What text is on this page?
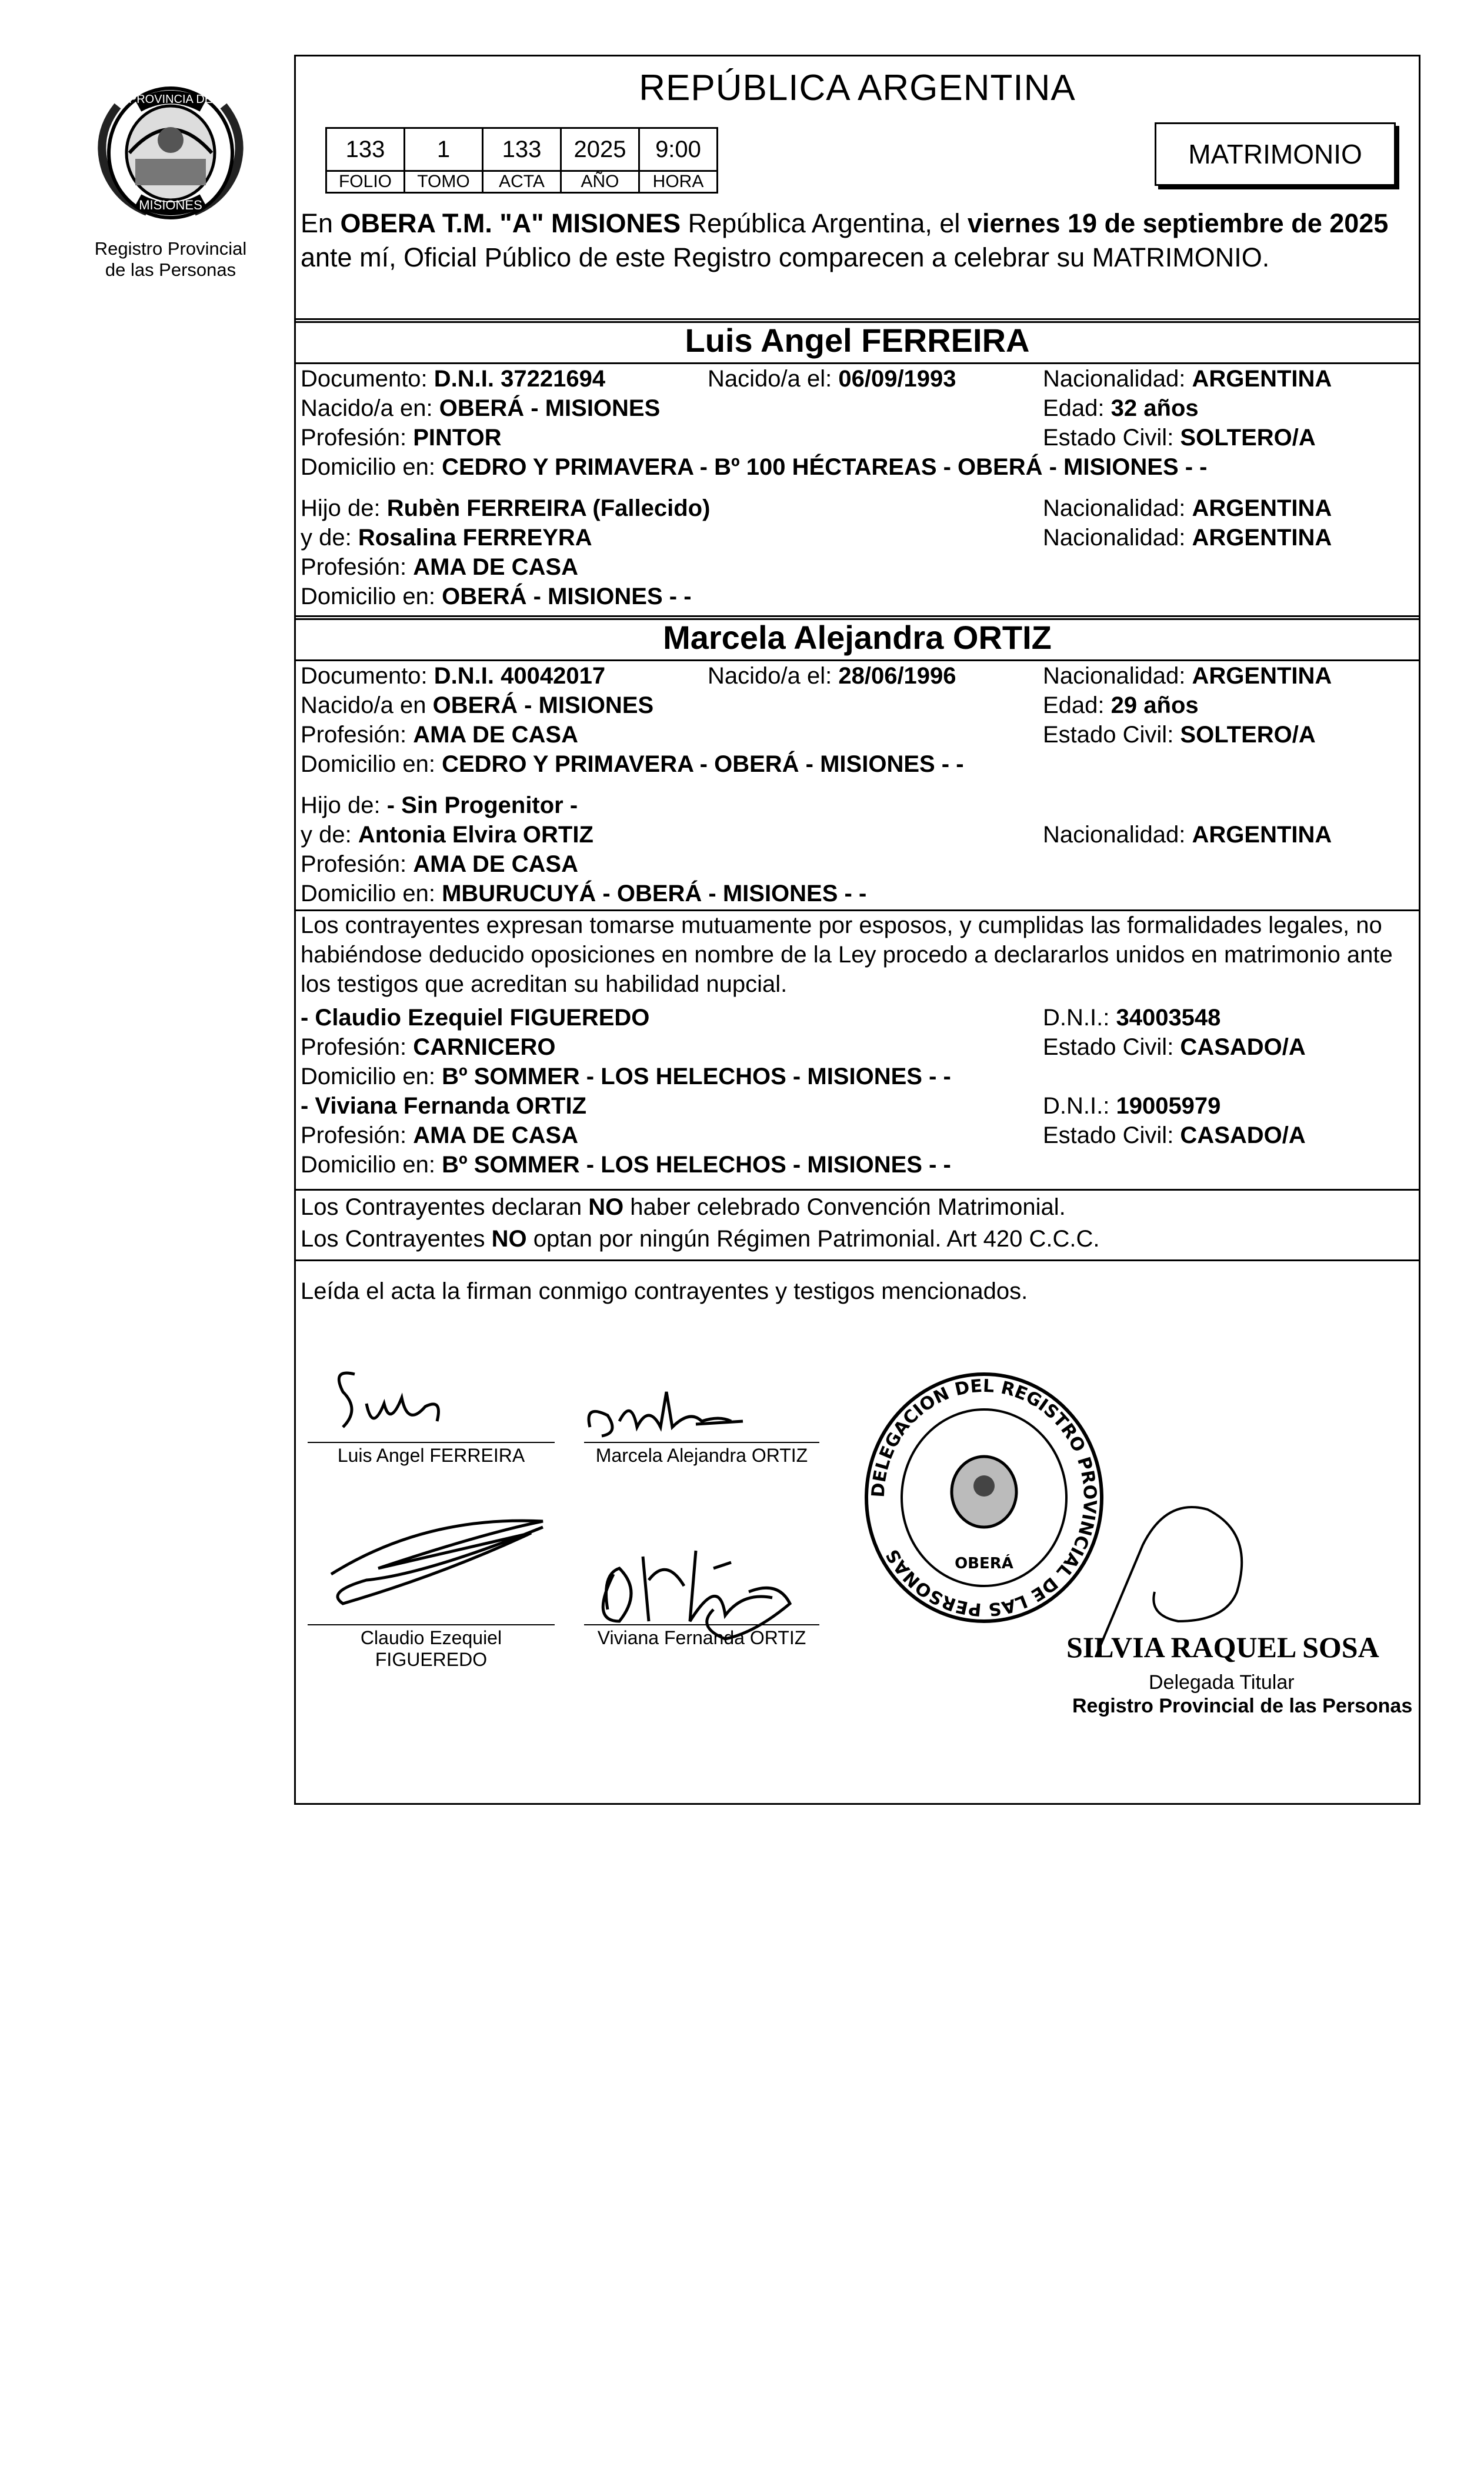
PROVINCIA DE
MISIONES
Registro Provincial
de las Personas
REPÚBLICA ARGENTINA
133	1	133	2025	9:00
FOLIO	TOMO	ACTA	AÑO	HORA
MATRIMONIO
En OBERA T.M. "A" MISIONES República Argentina, el viernes 19 de septiembre de 2025
ante mí, Oficial Público de este Registro comparecen a celebrar su MATRIMONIO.
Luis Angel FERREIRA
Documento: D.N.I. 37221694	Nacido/a el: 06/09/1993	Nacionalidad: ARGENTINA
Nacido/a en: OBERÁ - MISIONES	Edad: 32 años
Profesión: PINTOR	Estado Civil: SOLTERO/A
Domicilio en: CEDRO Y PRIMAVERA - Bº 100 HÉCTAREAS - OBERÁ - MISIONES - -
Hijo de: Rubèn FERREIRA (Fallecido)	Nacionalidad: ARGENTINA
y de: Rosalina FERREYRA	Nacionalidad: ARGENTINA
Profesión: AMA DE CASA
Domicilio en: OBERÁ - MISIONES - -
Marcela Alejandra ORTIZ
Documento: D.N.I. 40042017	Nacido/a el: 28/06/1996	Nacionalidad: ARGENTINA
Nacido/a en OBERÁ - MISIONES	Edad: 29 años
Profesión: AMA DE CASA	Estado Civil: SOLTERO/A
Domicilio en: CEDRO Y PRIMAVERA - OBERÁ - MISIONES - -
Hijo de: - Sin Progenitor -
y de: Antonia Elvira ORTIZ	Nacionalidad: ARGENTINA
Profesión: AMA DE CASA
Domicilio en: MBURUCUYÁ - OBERÁ - MISIONES - -
Los contrayentes expresan tomarse mutuamente por esposos, y cumplidas las formalidades legales, no
habiéndose deducido oposiciones en nombre de la Ley procedo a declararlos unidos en matrimonio ante
los testigos que acreditan su habilidad nupcial.
- Claudio Ezequiel FIGUEREDO	D.N.I.: 34003548
Profesión: CARNICERO	Estado Civil: CASADO/A
Domicilio en: Bº SOMMER - LOS HELECHOS - MISIONES - -
- Viviana Fernanda ORTIZ	D.N.I.: 19005979
Profesión: AMA DE CASA	Estado Civil: CASADO/A
Domicilio en: Bº SOMMER - LOS HELECHOS - MISIONES - -
Los Contrayentes declaran NO haber celebrado Convención Matrimonial.
Los Contrayentes NO optan por ningún Régimen Patrimonial. Art 420 C.C.C.
Leída el acta la firman conmigo contrayentes y testigos mencionados.
Luis Angel FERREIRA	Marcela Alejandra ORTIZ
Claudio Ezequiel
FIGUEREDO
Viviana Fernanda ORTIZ
DELEGACION DEL REGISTRO PROVINCIAL DE LAS PERSONAS	OBERÁ
SILVIA RAQUEL SOSA
Delegada Titular
Registro Provincial de las Personas
